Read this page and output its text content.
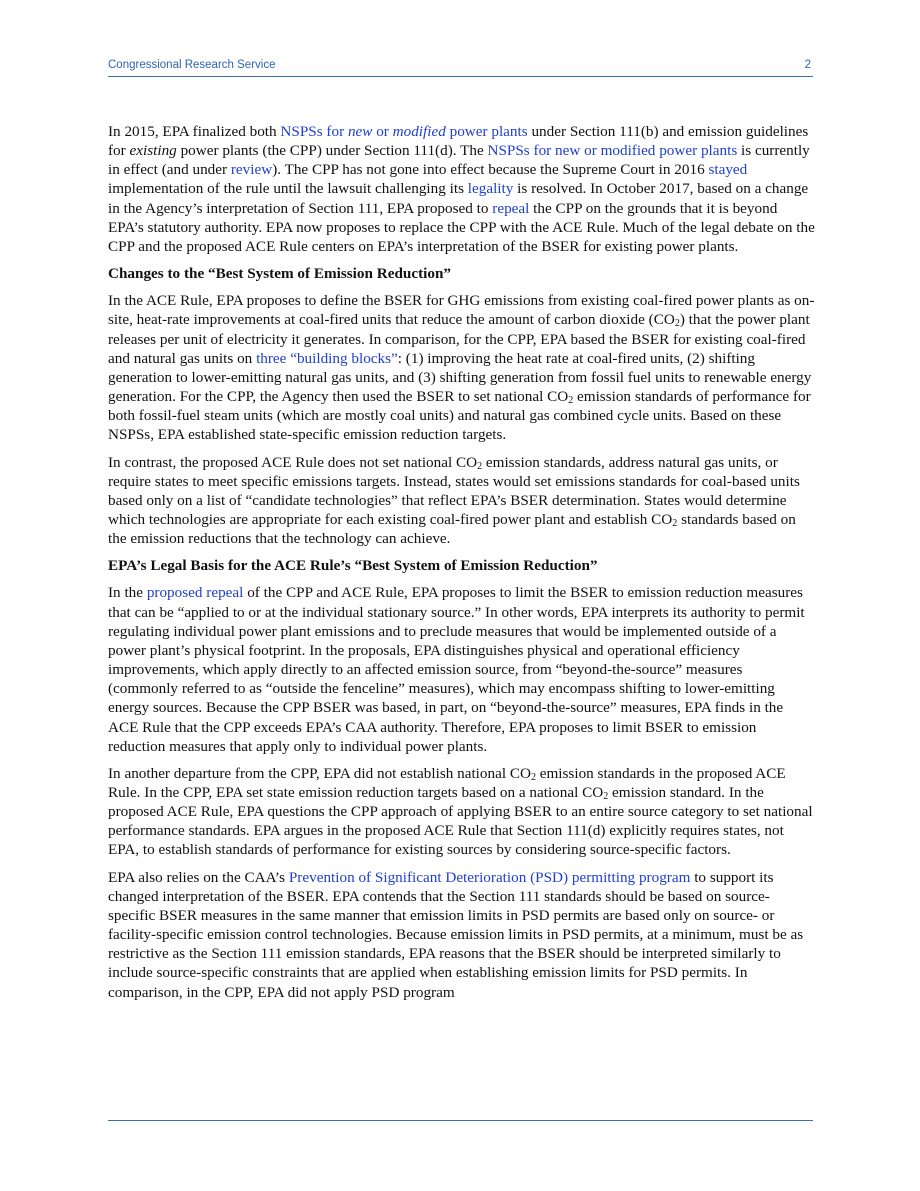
Congressional Research Service	2

In 2015, EPA finalized both NSPSs for new or modified power plants under Section 111(b) and emission guidelines for existing power plants (the CPP) under Section 111(d). The NSPSs for new or modified power plants is currently in effect (and under review). The CPP has not gone into effect because the Supreme Court in 2016 stayed implementation of the rule until the lawsuit challenging its legality is resolved. In October 2017, based on a change in the Agency’s interpretation of Section 111, EPA proposed to repeal the CPP on the grounds that it is beyond EPA’s statutory authority. EPA now proposes to replace the CPP with the ACE Rule. Much of the legal debate on the CPP and the proposed ACE Rule centers on EPA’s interpretation of the BSER for existing power plants.

Changes to the “Best System of Emission Reduction”

In the ACE Rule, EPA proposes to define the BSER for GHG emissions from existing coal-fired power plants as on-site, heat-rate improvements at coal-fired units that reduce the amount of carbon dioxide $(CO_2)$ that the power plant releases per unit of electricity it generates. In comparison, for the CPP, EPA based the BSER for existing coal-fired and natural gas units on three “building blocks”: (1) improving the heat rate at coal-fired units, (2) shifting generation to lower-emitting natural gas units, and (3) shifting generation from fossil fuel units to renewable energy generation. For the CPP, the Agency then used the BSER to set national $CO_2$ emission standards of performance for both fossil-fuel steam units (which are mostly coal units) and natural gas combined cycle units. Based on these NSPSs, EPA established state-specific emission reduction targets.

In contrast, the proposed ACE Rule does not set national $CO_2$ emission standards, address natural gas units, or require states to meet specific emissions targets. Instead, states would set emissions standards for coal-based units based only on a list of “candidate technologies” that reflect EPA’s BSER determination. States would determine which technologies are appropriate for each existing coal-fired power plant and establish $CO_2$ standards based on the emission reductions that the technology can achieve.

EPA’s Legal Basis for the ACE Rule’s “Best System of Emission Reduction”

In the proposed repeal of the CPP and ACE Rule, EPA proposes to limit the BSER to emission reduction measures that can be “applied to or at the individual stationary source.” In other words, EPA interprets its authority to permit regulating individual power plant emissions and to preclude measures that would be implemented outside of a power plant’s physical footprint. In the proposals, EPA distinguishes physical and operational efficiency improvements, which apply directly to an affected emission source, from “beyond-the-source” measures (commonly referred to as “outside the fenceline” measures), which may encompass shifting to lower-emitting energy sources. Because the CPP BSER was based, in part, on “beyond-the-source” measures, EPA finds in the ACE Rule that the CPP exceeds EPA’s CAA authority. Therefore, EPA proposes to limit BSER to emission reduction measures that apply only to individual power plants.

In another departure from the CPP, EPA did not establish national $CO_2$ emission standards in the proposed ACE Rule. In the CPP, EPA set state emission reduction targets based on a national $CO_2$ emission standard. In the proposed ACE Rule, EPA questions the CPP approach of applying BSER to an entire source category to set national performance standards. EPA argues in the proposed ACE Rule that Section 111(d) explicitly requires states, not EPA, to establish standards of performance for existing sources by considering source-specific factors.

EPA also relies on the CAA’s Prevention of Significant Deterioration (PSD) permitting program to support its changed interpretation of the BSER. EPA contends that the Section 111 standards should be based on source-specific BSER measures in the same manner that emission limits in PSD permits are based only on source- or facility-specific emission control technologies. Because emission limits in PSD permits, at a minimum, must be as restrictive as the Section 111 emission standards, EPA reasons that the BSER should be interpreted similarly to include source-specific constraints that are applied when establishing emission limits for PSD permits. In comparison, in the CPP, EPA did not apply PSD program
